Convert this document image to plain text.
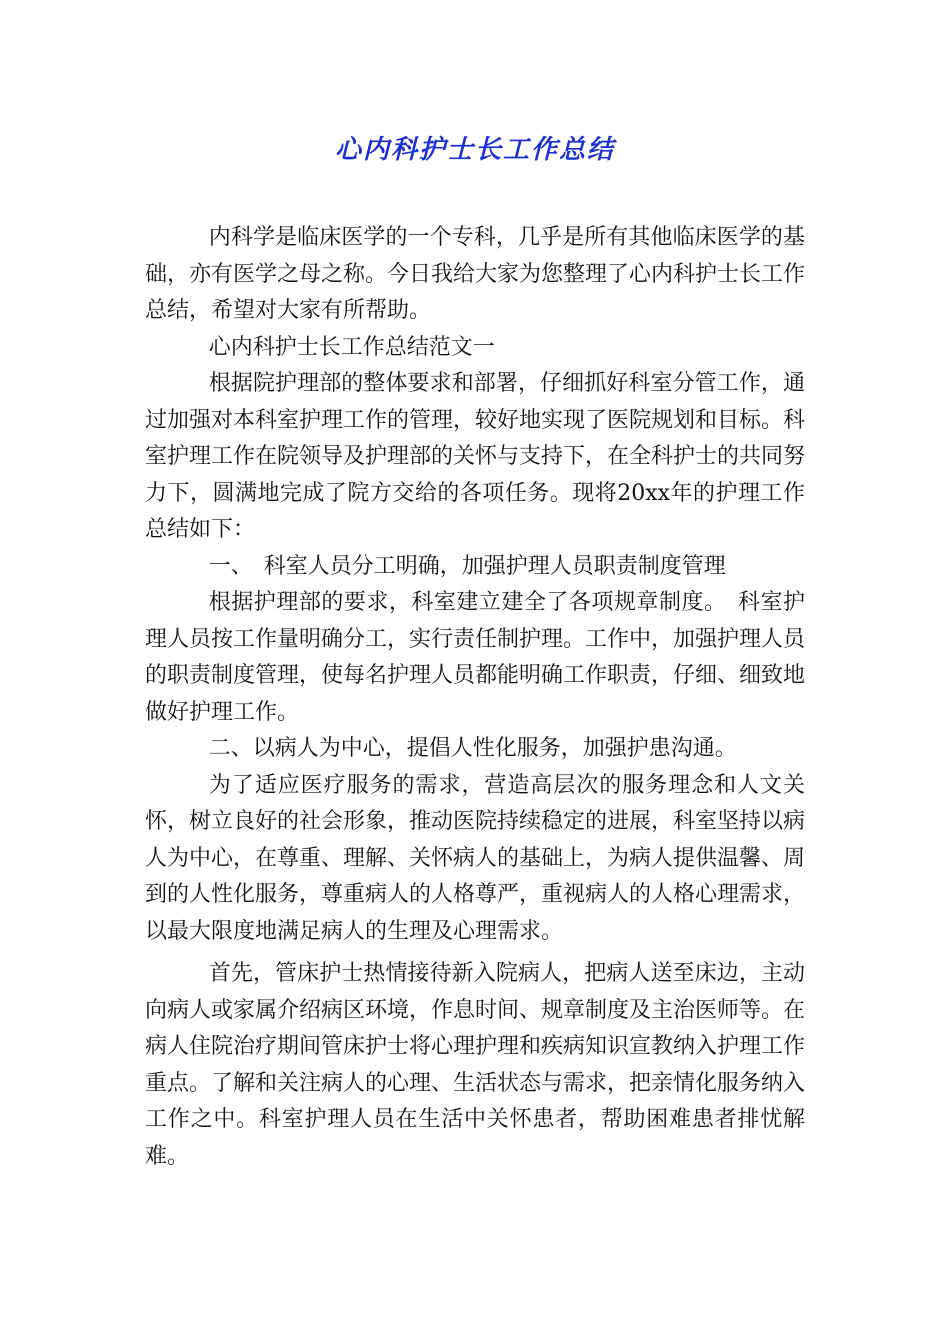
心内科护士长工作总结

内科学是临床医学的一个专科，几乎是所有其他临床医学的基础，亦有医学之母之称。今日我给大家为您整理了心内科护士长工作总结，希望对大家有所帮助。

心内科护士长工作总结范文一

根据院护理部的整体要求和部署，仔细抓好科室分管工作，通过加强对本科室护理工作的管理，较好地实现了医院规划和目标。科室护理工作在院领导及护理部的关怀与支持下，在全科护士的共同努力下，圆满地完成了院方交给的各项任务。现将20xx年的护理工作总结如下：

一、　科室人员分工明确，加强护理人员职责制度管理

根据护理部的要求，科室建立建全了各项规章制度。　科室护理人员按工作量明确分工，实行责任制护理。工作中，加强护理人员的职责制度管理，使每名护理人员都能明确工作职责，仔细、细致地做好护理工作。

二、以病人为中心，提倡人性化服务，加强护患沟通。

为了适应医疗服务的需求，营造高层次的服务理念和人文关怀，树立良好的社会形象，推动医院持续稳定的进展，科室坚持以病人为中心，在尊重、理解、关怀病人的基础上，为病人提供温馨、周到的人性化服务，尊重病人的人格尊严，重视病人的人格心理需求，以最大限度地满足病人的生理及心理需求。

首先，管床护士热情接待新入院病人，把病人送至床边，主动向病人或家属介绍病区环境，作息时间、规章制度及主治医师等。在病人住院治疗期间管床护士将心理护理和疾病知识宣教纳入护理工作重点。了解和关注病人的心理、生活状态与需求，把亲情化服务纳入工作之中。科室护理人员在生活中关怀患者，帮助困难患者排忧解难。
